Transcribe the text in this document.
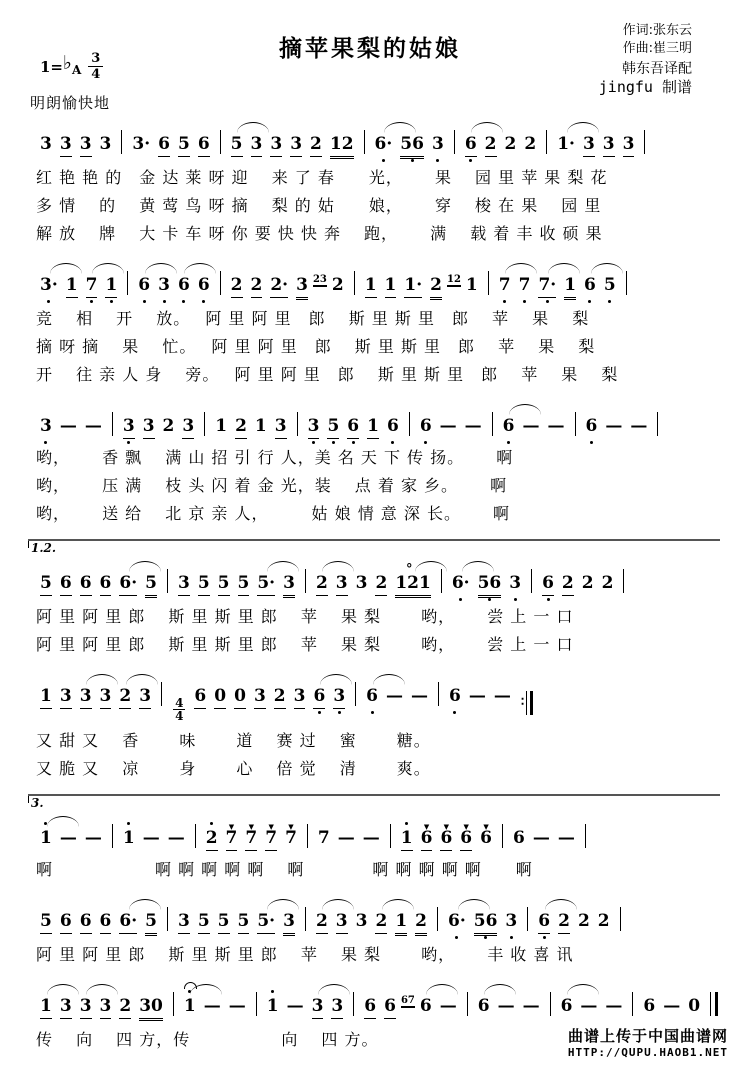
摘苹果梨的姑娘
1= ♭ A $\frac{3}{4}$
明朗愉快地
作词:张东云
作曲:崔三明
韩东吾译配
jingfu 制谱
3 3 3 3 3· 6 5 6 5 3 3 3 2 12 6· 56 3 6 2 2 2 1· 3 3 3
红 艳 艳 的　金 达 莱 呀 迎　 来 了 春　　光，　　 果　 园 里 苹 果 梨 花
多 情 　的　 黄 莺 鸟 呀 摘　 梨 的 姑　　娘，　　 穿　 梭 在 果 　园 里
解 放 　牌　 大 卡 车 呀 你 要 快 快 奔　 跑，　　 满　 载 着 丰 收 硕 果
3· 1 7 1 6 3 6 6 2 2 2· 3 23 2 1 1 1· 2 12 1 7 7 7· 1 6 5
竞 　相 　开 　放。　 阿 里 阿 里　郎　 斯 里 斯 里　郎　 苹　 果　 梨
摘 呀 摘 　果 　忙。　 阿 里 阿 里　郎　 斯 里 斯 里　郎　 苹　 果　 梨
开 　往 亲 人 身　 旁。　 阿 里 阿 里　郎　 斯 里 斯 里　郎　 苹　 果　 梨
3 — — 3 3 2 3 1 2 1 3 3 5 6 1 6 6 — — 6 — — 6 — —
哟，　　 香 飘　 满 山 招 引 行 人，美 名 天 下 传 扬。　　 啊
哟，　　 压 满　 枝 头 闪 着 金 光，装 　点 着 家 乡。　　 啊
哟，　　 送 给　 北 京 亲 人，　　　姑 娘 情 意 深 长。　　 啊
1.2.
5 6 6 6 6· 5 3 5 5 5 5· 3 2 3 3 2 ° 121 6· 56 3 6 2 2 2
阿 里 阿 里 郎　 斯 里 斯 里 郎　 苹　 果 梨　　 哟，　　 尝 上 一 口
阿 里 阿 里 郎　 斯 里 斯 里 郎　 苹　 果 梨　　 哟，　　 尝 上 一 口
1 3 3 3 2 3
$\frac{4}{4}$
6 0 0 3 2 3 6 3 6 — — 6 — — ∶
又 甜 又 　香　　 味　　 道　 赛 过　 蜜　　 糖。
又 脆 又 　凉　　 身　　 心　 倍 觉　 清　　 爽。
3.
1 — — 1 — — 2 ▼ 7 ▼ 7 ▼ 7 ▼ 7 7 — — 1 ▼ 6 ▼ 6 ▼ 6 ▼ 6 6 — —
啊　　　　　　啊 啊 啊 啊 啊　 啊　　　　啊 啊 啊 啊 啊　　啊
5 6 6 6 6· 5 3 5 5 5 5· 3 2 3 3 2 1 2 6· 56 3 6 2 2 2
阿 里 阿 里 郎　 斯 里 斯 里 郎　 苹　 果 梨　　 哟，　　 丰 收 喜 讯
1 3 3 3 2 30 1 — — 1 — 3 3 6 6 67 6 — 6 — — 6 — — 6 — 0
传　 向　 四 方，传　　　　　 向　 四 方。	曲谱上传于中国曲谱网
HTTP://QUPU.HAOB1.NET
